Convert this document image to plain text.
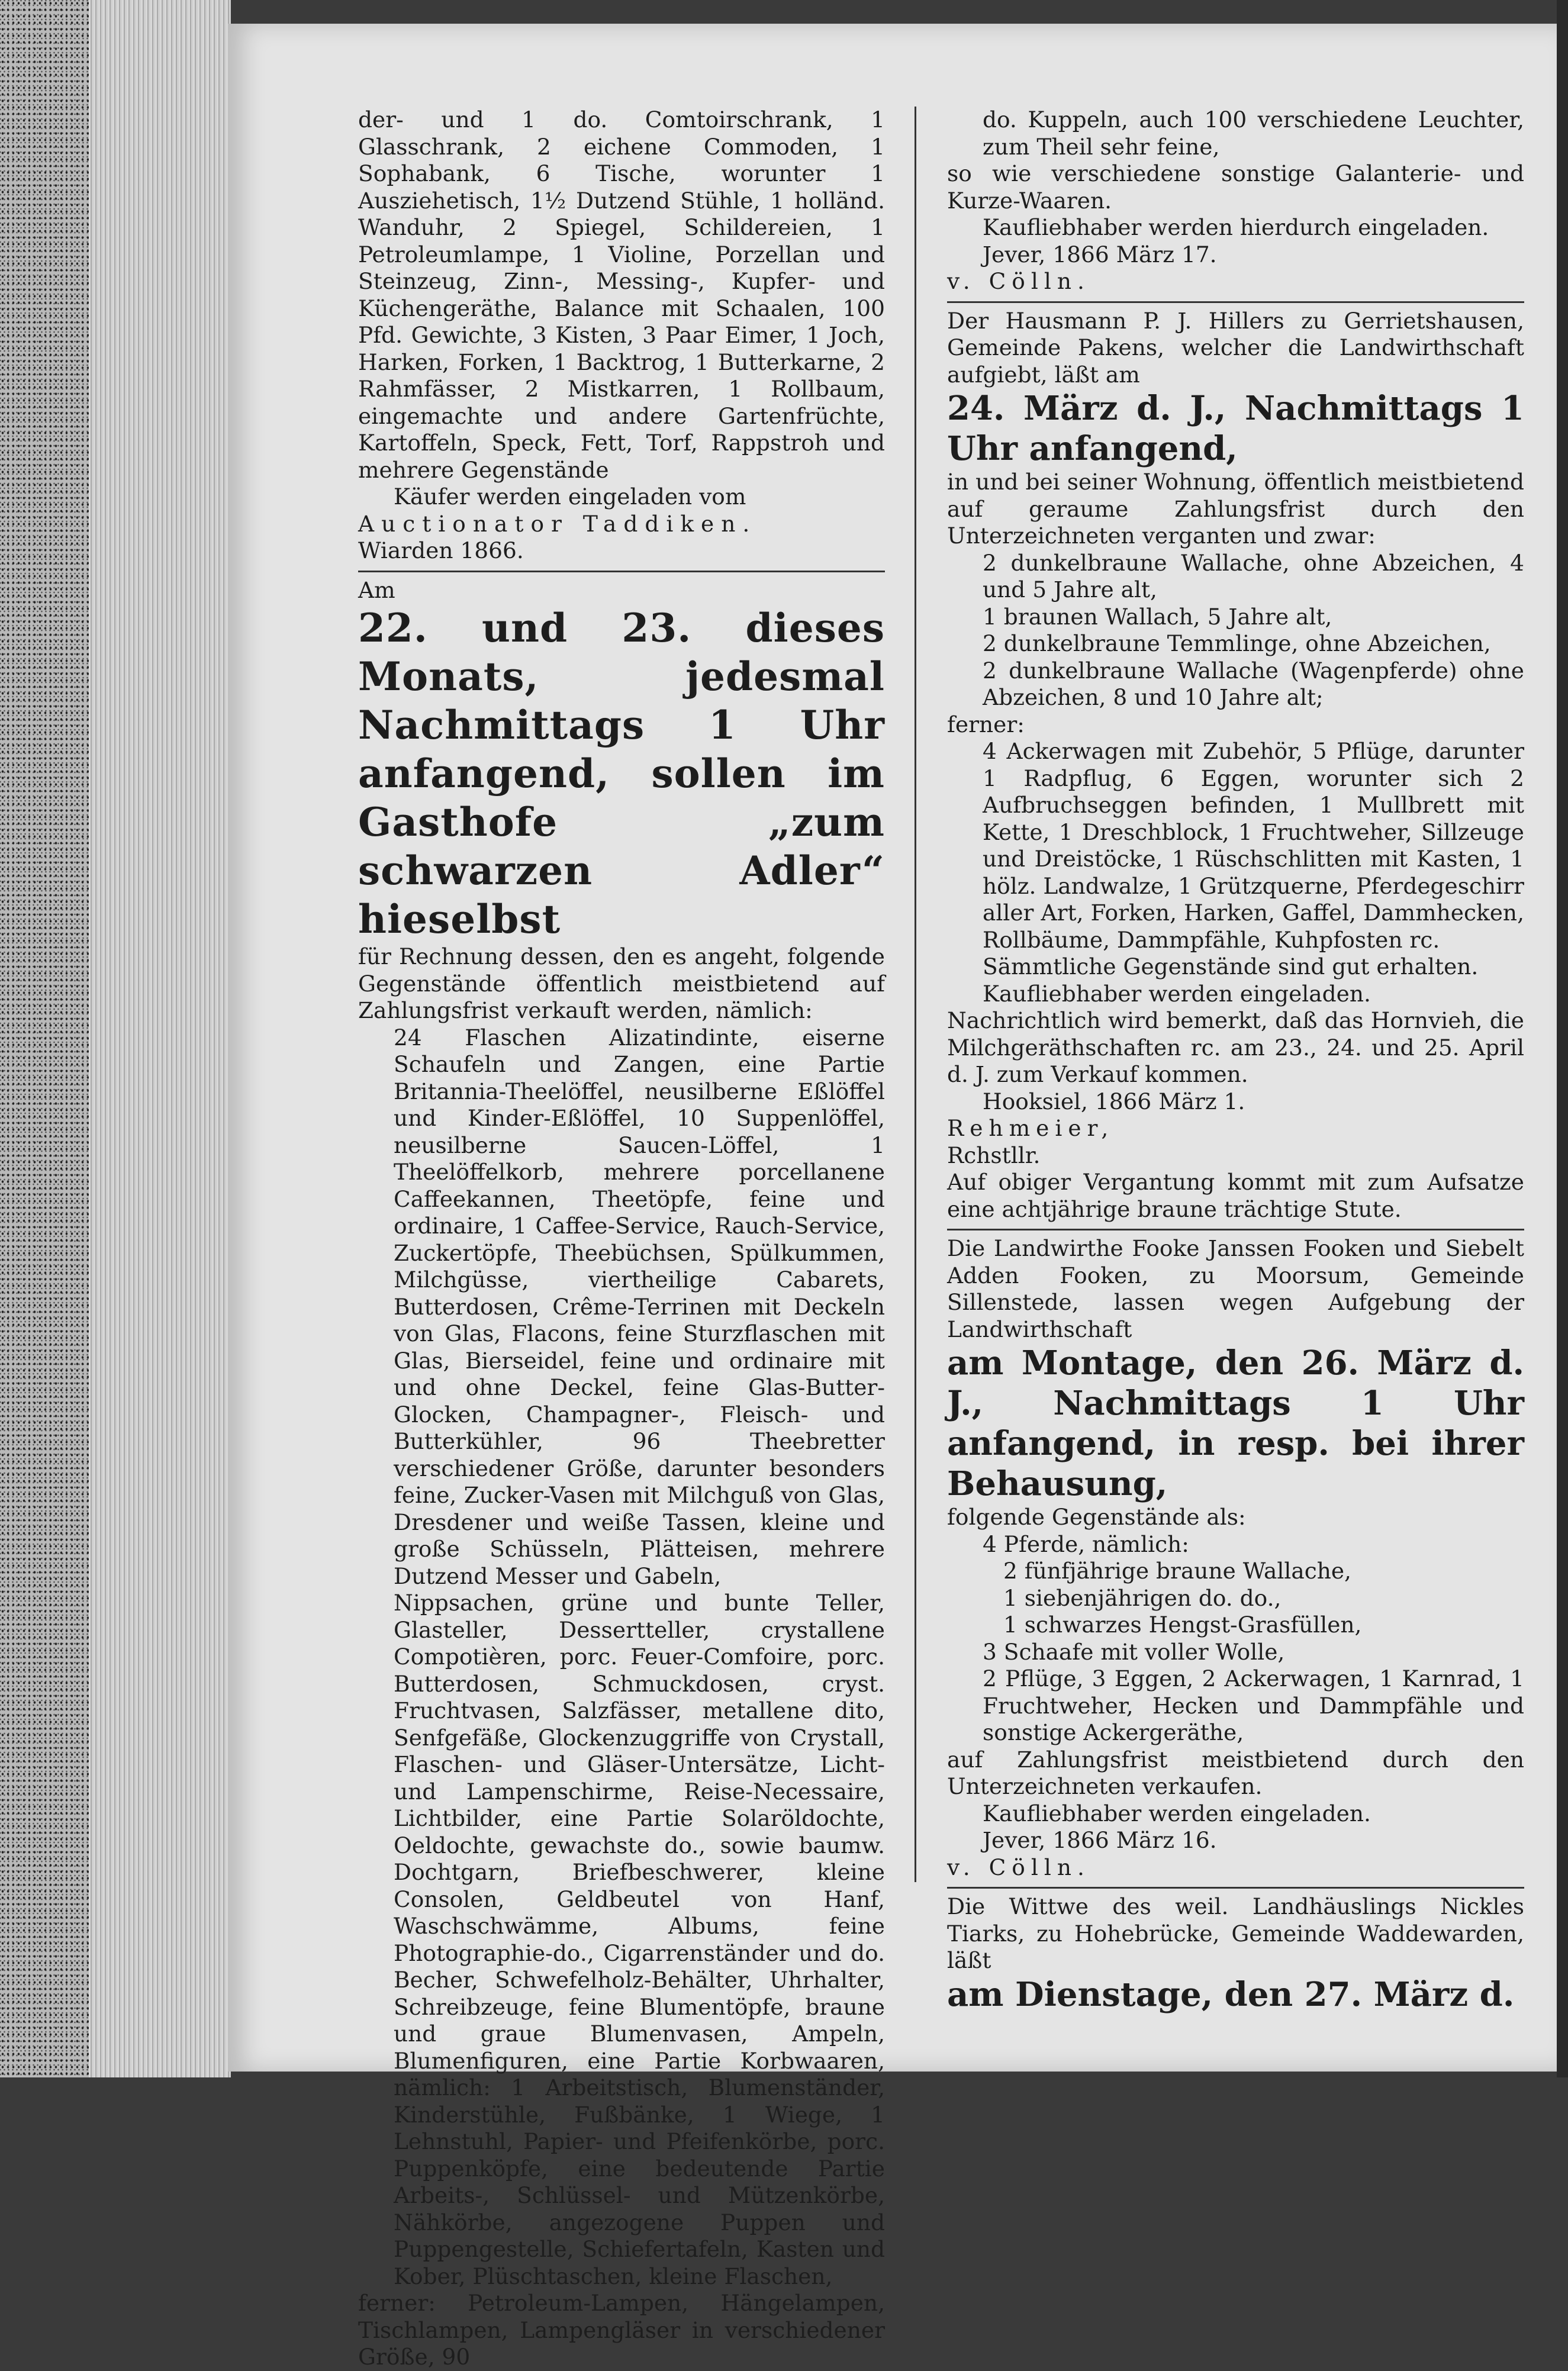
der- und 1 do. Comtoirschrank, 1 Glasschrank, 2 eichene Commoden, 1 Sophabank, 6 Tische, worunter 1 Ausziehetisch, 1½ Dutzend Stühle, 1 holländ. Wanduhr, 2 Spiegel, Schildereien, 1 Petroleumlampe, 1 Violine, Porzellan und Steinzeug, Zinn-, Messing-, Kupfer- und Küchengeräthe, Balance mit Schaalen, 100 Pfd. Gewichte, 3 Kisten, 3 Paar Eimer, 1 Joch, Harken, Forken, 1 Backtrog, 1 Butterkarne, 2 Rahmfässer, 2 Mistkarren, 1 Rollbaum, eingemachte und andere Gartenfrüchte, Kartoffeln, Speck, Fett, Torf, Rappstroh und mehrere Gegenstände

Käufer werden eingeladen vom

Auctionator Taddiken.

Wiarden 1866.

Am

22. und 23. dieses Monats, jedesmal Nachmittags 1 Uhr anfangend, sollen im Gasthofe „zum schwarzen Adler“ hieselbst

für Rechnung dessen, den es angeht, folgende Gegenstände öffentlich meistbietend auf Zahlungsfrist verkauft werden, nämlich:

24 Flaschen Alizatindinte, eiserne Schaufeln und Zangen, eine Partie Britannia-Theelöffel, neusilberne Eßlöffel und Kinder-Eßlöffel, 10 Suppenlöffel, neusilberne Saucen-Löffel, 1 Theelöffelkorb, mehrere porcellanene Caffeekannen, Theetöpfe, feine und ordinaire, 1 Caffee-Service, Rauch-Service, Zuckertöpfe, Theebüchsen, Spülkummen, Milchgüsse, viertheilige Cabarets, Butterdosen, Crême-Terrinen mit Deckeln von Glas, Flacons, feine Sturzflaschen mit Glas, Bierseidel, feine und ordinaire mit und ohne Deckel, feine Glas-Butter-Glocken, Champagner-, Fleisch- und Butterkühler, 96 Theebretter verschiedener Größe, darunter besonders feine, Zucker-Vasen mit Milchguß von Glas, Dresdener und weiße Tassen, kleine und große Schüsseln, Plätteisen, mehrere Dutzend Messer und Gabeln,

Nippsachen, grüne und bunte Teller, Glasteller, Dessertteller, crystallene Compotièren, porc. Feuer-Comfoire, porc. Butterdosen, Schmuckdosen, cryst. Fruchtvasen, Salzfässer, metallene dito, Senfgefäße, Glockenzuggriffe von Crystall, Flaschen- und Gläser-Untersätze, Licht- und Lampenschirme, Reise-Necessaire, Lichtbilder, eine Partie Solaröldochte, Oeldochte, gewachste do., sowie baumw. Dochtgarn, Briefbeschwerer, kleine Consolen, Geldbeutel von Hanf, Waschschwämme, Albums, feine Photographie-do., Cigarrenständer und do. Becher, Schwefelholz-Behälter, Uhrhalter, Schreibzeuge, feine Blumentöpfe, braune und graue Blumenvasen, Ampeln, Blumenfiguren, eine Partie Korbwaaren, nämlich: 1 Arbeitstisch, Blumenständer, Kinderstühle, Fußbänke, 1 Wiege, 1 Lehnstuhl, Papier- und Pfeifenkörbe, porc. Puppenköpfe, eine bedeutende Partie Arbeits-, Schlüssel- und Mützenkörbe, Nähkörbe, angezogene Puppen und Puppengestelle, Schiefertafeln, Kasten und Kober, Plüschtaschen, kleine Flaschen,

ferner: Petroleum-Lampen, Hängelampen, Tischlampen, Lampengläser in verschiedener Größe, 90

do. Kuppeln, auch 100 verschiedene Leuchter, zum Theil sehr feine,

so wie verschiedene sonstige Galanterie- und Kurze-Waaren.

Kaufliebhaber werden hierdurch eingeladen.

Jever, 1866 März 17.

v. Cölln.

Der Hausmann P. J. Hillers zu Gerrietshausen, Gemeinde Pakens, welcher die Landwirthschaft aufgiebt, läßt am

24. März d. J., Nachmittags 1 Uhr anfangend,

in und bei seiner Wohnung, öffentlich meistbietend auf geraume Zahlungsfrist durch den Unterzeichneten verganten und zwar:

2 dunkelbraune Wallache, ohne Abzeichen, 4 und 5 Jahre alt,

1 braunen Wallach, 5 Jahre alt,

2 dunkelbraune Temmlinge, ohne Abzeichen,

2 dunkelbraune Wallache (Wagenpferde) ohne Abzeichen, 8 und 10 Jahre alt;

ferner:

4 Ackerwagen mit Zubehör, 5 Pflüge, darunter 1 Radpflug, 6 Eggen, worunter sich 2 Aufbruchseggen befinden, 1 Mullbrett mit Kette, 1 Dreschblock, 1 Fruchtweher, Sillzeuge und Dreistöcke, 1 Rüschschlitten mit Kasten, 1 hölz. Landwalze, 1 Grützquerne, Pferdegeschirr aller Art, Forken, Harken, Gaffel, Dammhecken, Rollbäume, Dammpfähle, Kuhpfosten rc.

Sämmtliche Gegenstände sind gut erhalten.

Kaufliebhaber werden eingeladen.

Nachrichtlich wird bemerkt, daß das Hornvieh, die Milchgeräthschaften rc. am 23., 24. und 25. April d. J. zum Verkauf kommen.

Hooksiel, 1866 März 1.

Rehmeier,

Rchstllr.

Auf obiger Vergantung kommt mit zum Aufsatze eine achtjährige braune trächtige Stute.

Die Landwirthe Fooke Janssen Fooken und Siebelt Adden Fooken, zu Moorsum, Gemeinde Sillenstede, lassen wegen Aufgebung der Landwirthschaft

am Montage, den 26. März d. J., Nachmittags 1 Uhr anfangend, in resp. bei ihrer Behausung,

folgende Gegenstände als:

4 Pferde, nämlich:

2 fünfjährige braune Wallache,

1 siebenjährigen do. do.,

1 schwarzes Hengst-Grasfüllen,

3 Schaafe mit voller Wolle,

2 Pflüge, 3 Eggen, 2 Ackerwagen, 1 Karnrad, 1 Fruchtweher, Hecken und Dammpfähle und sonstige Ackergeräthe,

auf Zahlungsfrist meistbietend durch den Unterzeichneten verkaufen.

Kaufliebhaber werden eingeladen.

Jever, 1866 März 16.

v. Cölln.

Die Wittwe des weil. Landhäuslings Nickles Tiarks, zu Hohebrücke, Gemeinde Waddewarden, läßt

am Dienstage, den 27. März d.
